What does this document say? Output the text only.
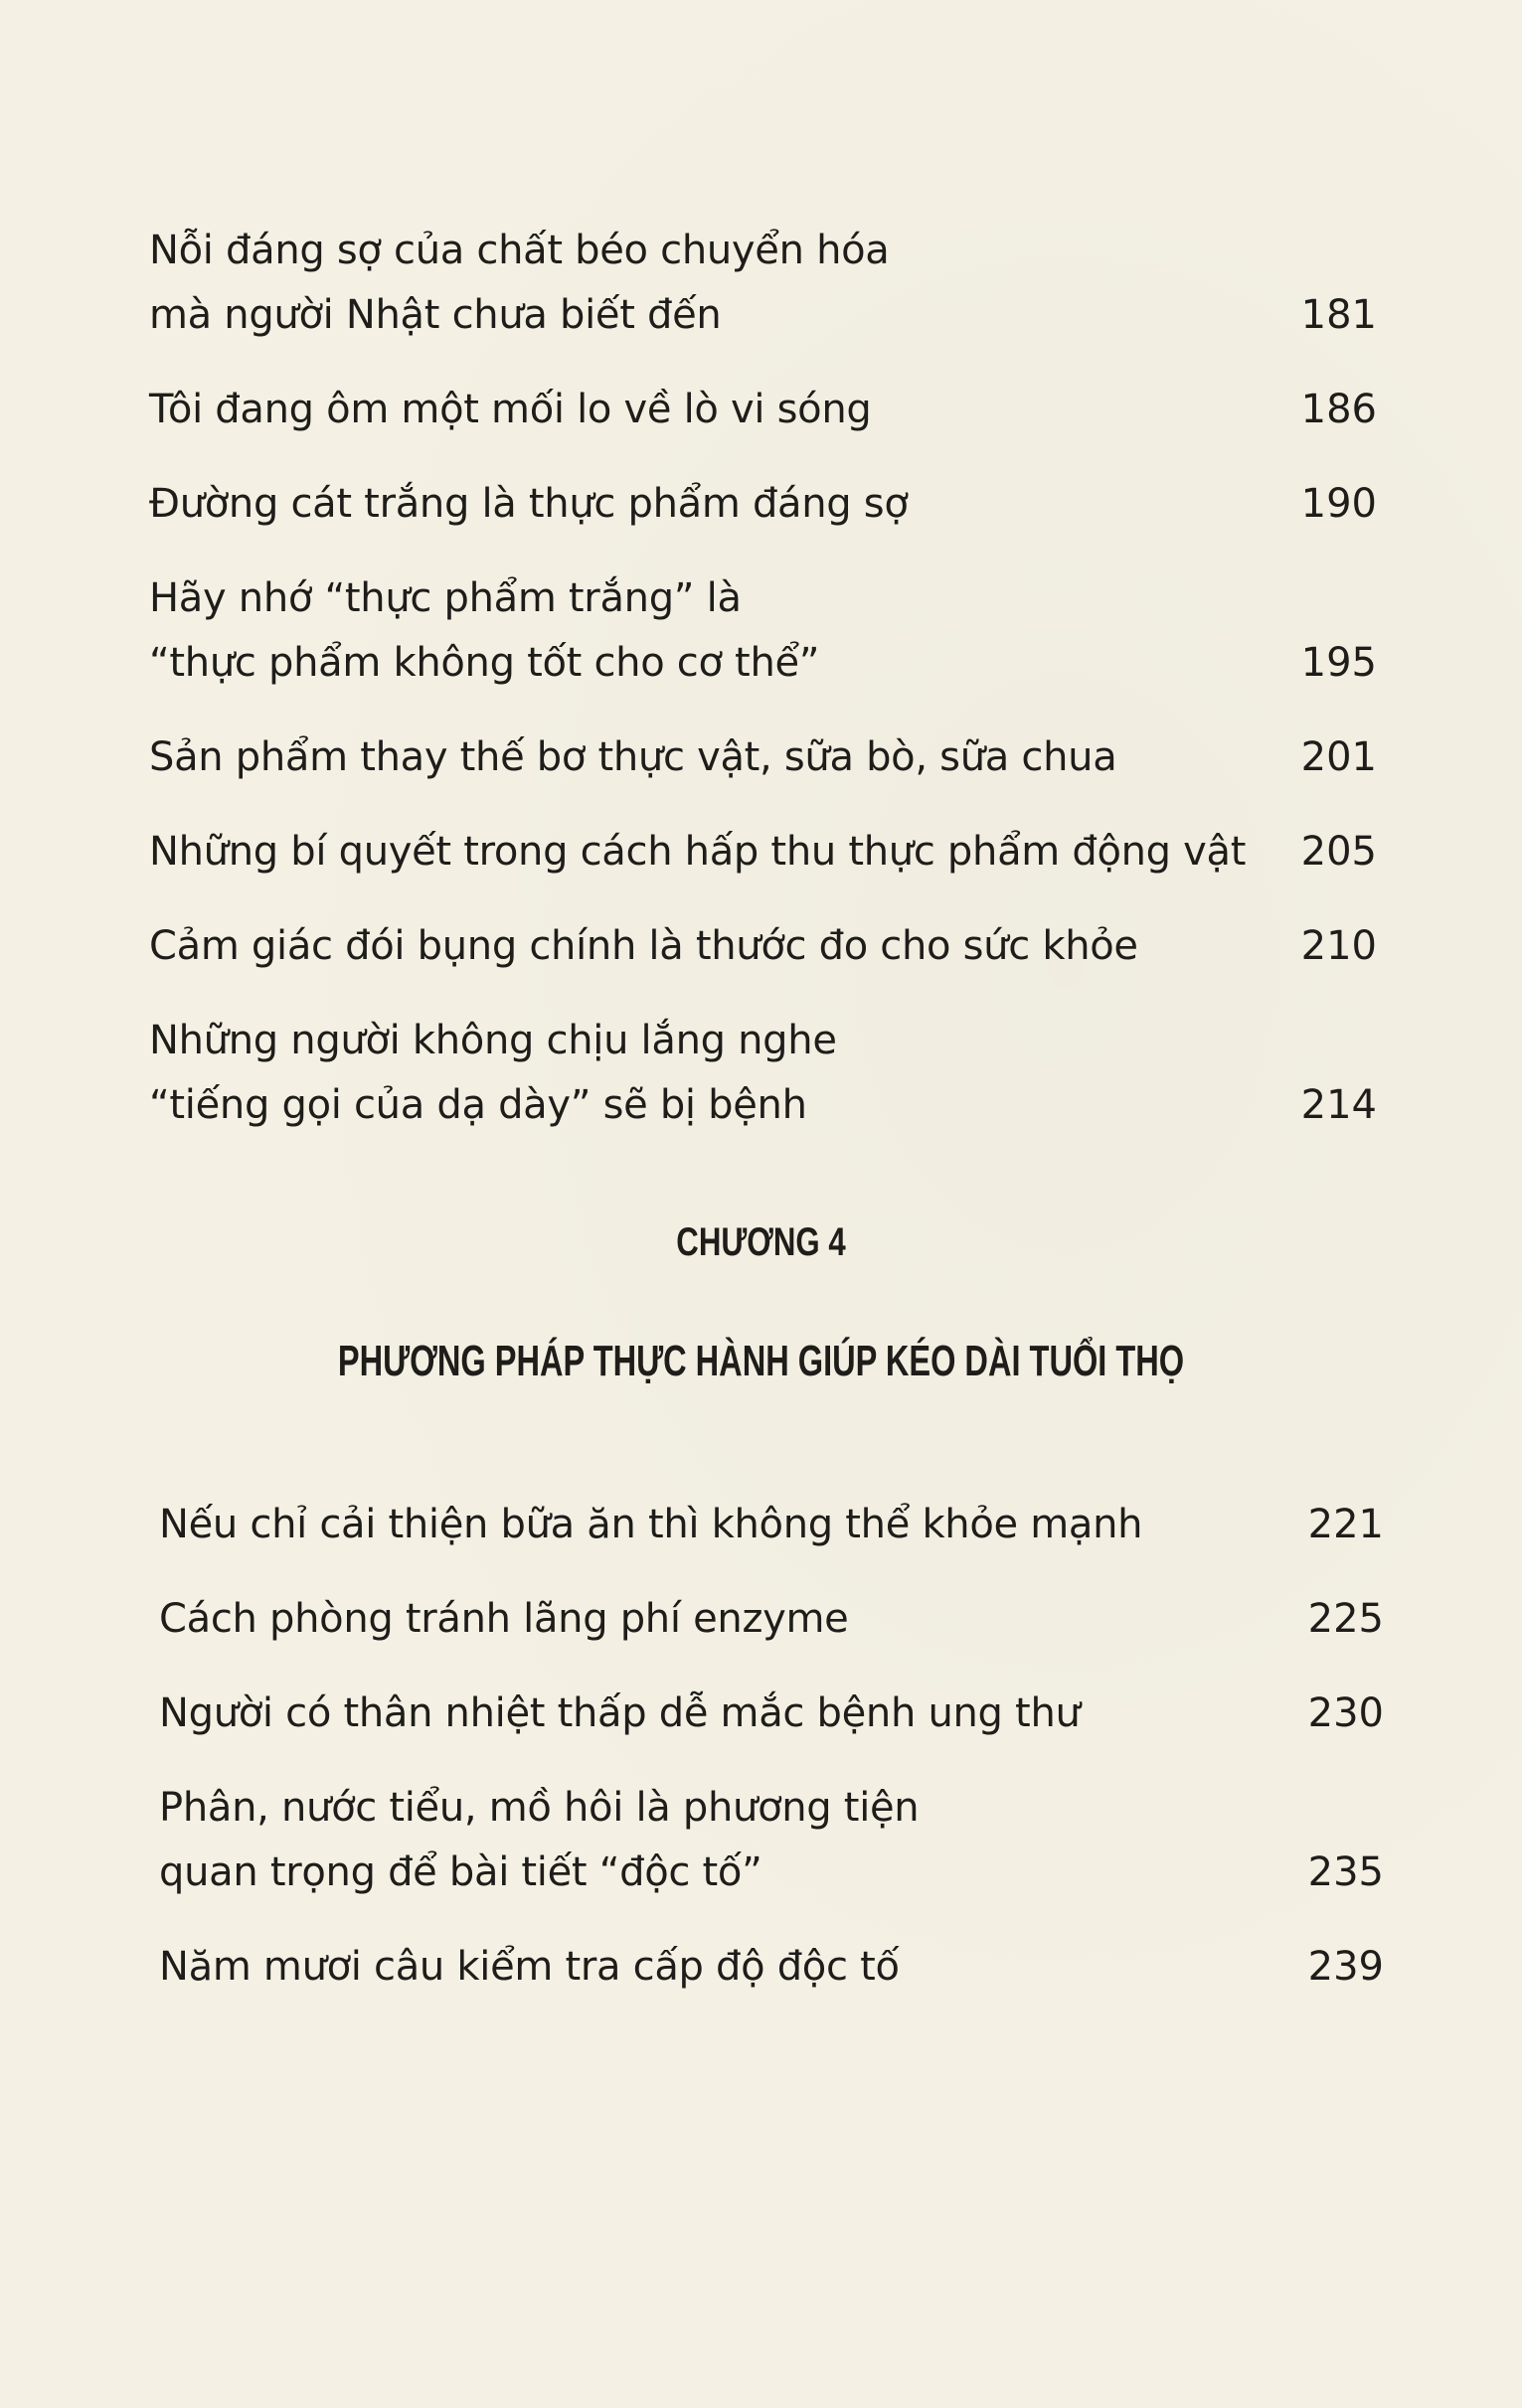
Nỗi đáng sợ của chất béo chuyển hóa
mà người Nhật chưa biết đến	181
Tôi đang ôm một mối lo về lò vi sóng	186
Đường cát trắng là thực phẩm đáng sợ	190
Hãy nhớ “thực phẩm trắng” là
“thực phẩm không tốt cho cơ thể”	195
Sản phẩm thay thế bơ thực vật, sữa bò, sữa chua	201
Những bí quyết trong cách hấp thu thực phẩm động vật	205
Cảm giác đói bụng chính là thước đo cho sức khỏe	210
Những người không chịu lắng nghe
“tiếng gọi của dạ dày” sẽ bị bệnh	214
CHƯƠNG 4
PHƯƠNG PHÁP THỰC HÀNH GIÚP KÉO DÀI TUỔI THỌ
Nếu chỉ cải thiện bữa ăn thì không thể khỏe mạnh	221
Cách phòng tránh lãng phí enzyme	225
Người có thân nhiệt thấp dễ mắc bệnh ung thư	230
Phân, nước tiểu, mồ hôi là phương tiện
quan trọng để bài tiết “độc tố”	235
Năm mươi câu kiểm tra cấp độ độc tố	239
